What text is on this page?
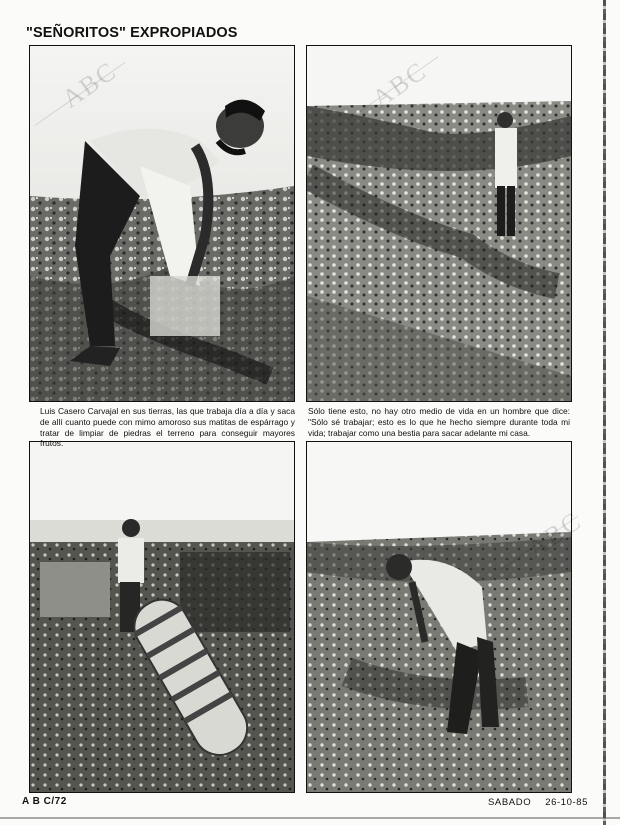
"SEÑORITOS" EXPROPIADOS
Luis Casero Carvajal en sus tierras, las que trabaja día a día y saca de allí cuanto puede con mimo amoroso sus matitas de espárrago y tratar de limpiar de piedras el terreno para conseguir mayores frutos.
Sólo tiene esto, no hay otro medio de vida en un hombre que dice: "Sólo sé trabajar; esto es lo que he hecho siempre durante toda mi vida; trabajar como una bestia para sacar adelante mi casa.
A B C/72	SABADO 26-10-85
